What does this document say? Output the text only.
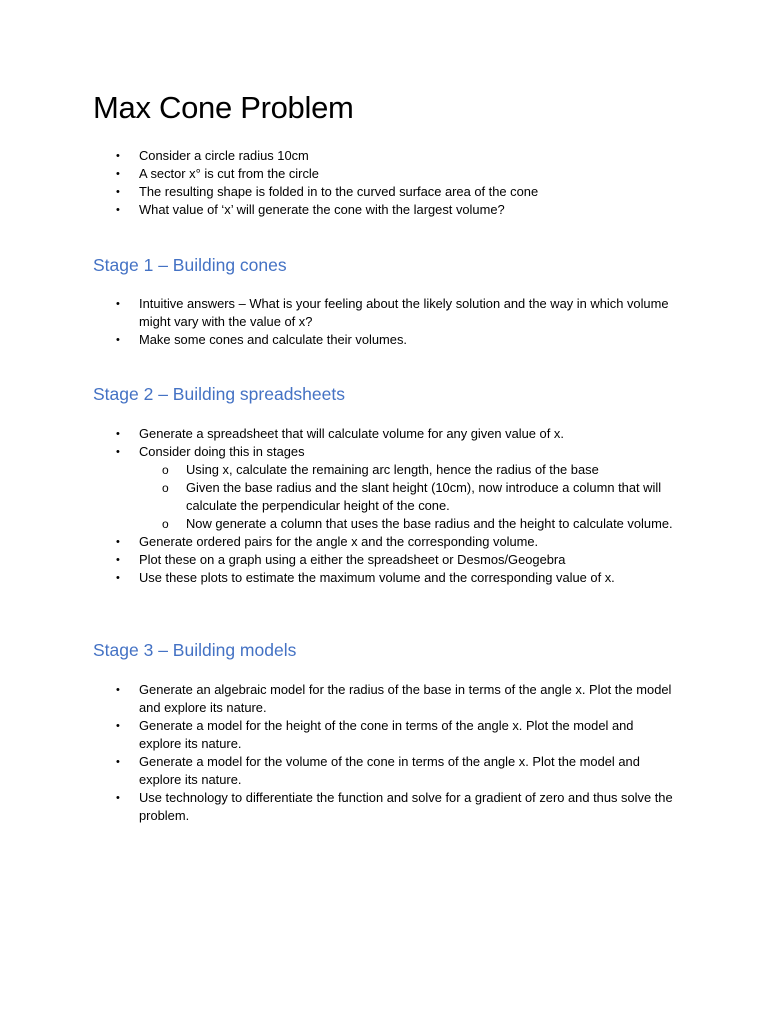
Max Cone Problem
•	Consider a circle radius 10cm
•	A sector x° is cut from the circle
•	The resulting shape is folded in to the curved surface area of the cone
•	What value of ‘x’ will generate the cone with the largest volume?
Stage 1 – Building cones
•	Intuitive answers – What is your feeling about the likely solution and the way in which volume might vary with the value of x?
•	Make some cones and calculate their volumes.
Stage 2 – Building spreadsheets
•	Generate a spreadsheet that will calculate volume for any given value of x.
•	Consider doing this in stages
o Using x, calculate the remaining arc length, hence the radius of the base
o Given the base radius and the slant height (10cm), now introduce a column that will calculate the perpendicular height of the cone.
o Now generate a column that uses the base radius and the height to calculate volume.
•	Generate ordered pairs for the angle x and the corresponding volume.
•	Plot these on a graph using a either the spreadsheet or Desmos/Geogebra
•	Use these plots to estimate the maximum volume and the corresponding value of x.
Stage 3 – Building models
•	Generate an algebraic model for the radius of the base in terms of the angle x. Plot the model and explore its nature.
•	Generate a model for the height of the cone in terms of the angle x. Plot the model and explore its nature.
•	Generate a model for the volume of the cone in terms of the angle x. Plot the model and explore its nature.
•	Use technology to differentiate the function and solve for a gradient of zero and thus solve the problem.
